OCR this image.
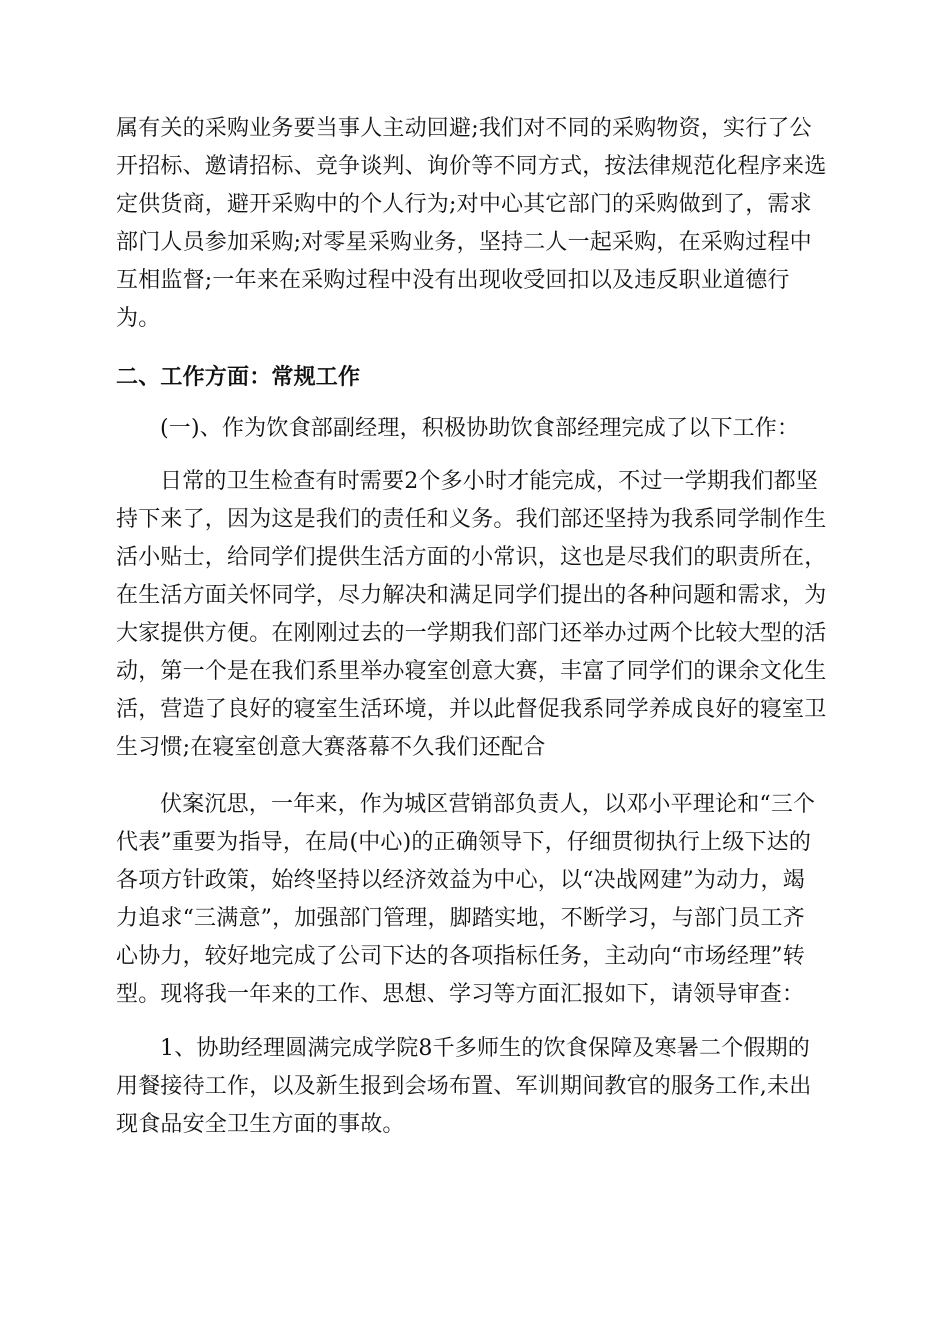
属有关的采购业务要当事人主动回避;我们对不同的采购物资，实行了公
开招标、邀请招标、竞争谈判、询价等不同方式，按法律规范化程序来选
定供货商，避开采购中的个人行为;对中心其它部门的采购做到了，需求
部门人员参加采购;对零星采购业务，坚持二人一起采购，在采购过程中
互相监督;一年来在采购过程中没有出现收受回扣以及违反职业道德行
为。
二、工作方面：常规工作
(一)、作为饮食部副经理，积极协助饮食部经理完成了以下工作：
日常的卫生检查有时需要2个多小时才能完成，不过一学期我们都坚
持下来了，因为这是我们的责任和义务。我们部还坚持为我系同学制作生
活小贴士，给同学们提供生活方面的小常识，这也是尽我们的职责所在，
在生活方面关怀同学，尽力解决和满足同学们提出的各种问题和需求，为
大家提供方便。在刚刚过去的一学期我们部门还举办过两个比较大型的活
动，第一个是在我们系里举办寝室创意大赛，丰富了同学们的课余文化生
活，营造了良好的寝室生活环境，并以此督促我系同学养成良好的寝室卫
生习惯;在寝室创意大赛落幕不久我们还配合
伏案沉思，一年来，作为城区营销部负责人，以邓小平理论和“三个
代表”重要为指导，在局(中心)的正确领导下，仔细贯彻执行上级下达的
各项方针政策，始终坚持以经济效益为中心，以“决战网建”为动力，竭
力追求“三满意”，加强部门管理，脚踏实地，不断学习，与部门员工齐
心协力，较好地完成了公司下达的各项指标任务，主动向“市场经理”转
型。现将我一年来的工作、思想、学习等方面汇报如下，请领导审查：
1、协助经理圆满完成学院8千多师生的饮食保障及寒暑二个假期的
用餐接待工作，以及新生报到会场布置、军训期间教官的服务工作,未出
现食品安全卫生方面的事故。
